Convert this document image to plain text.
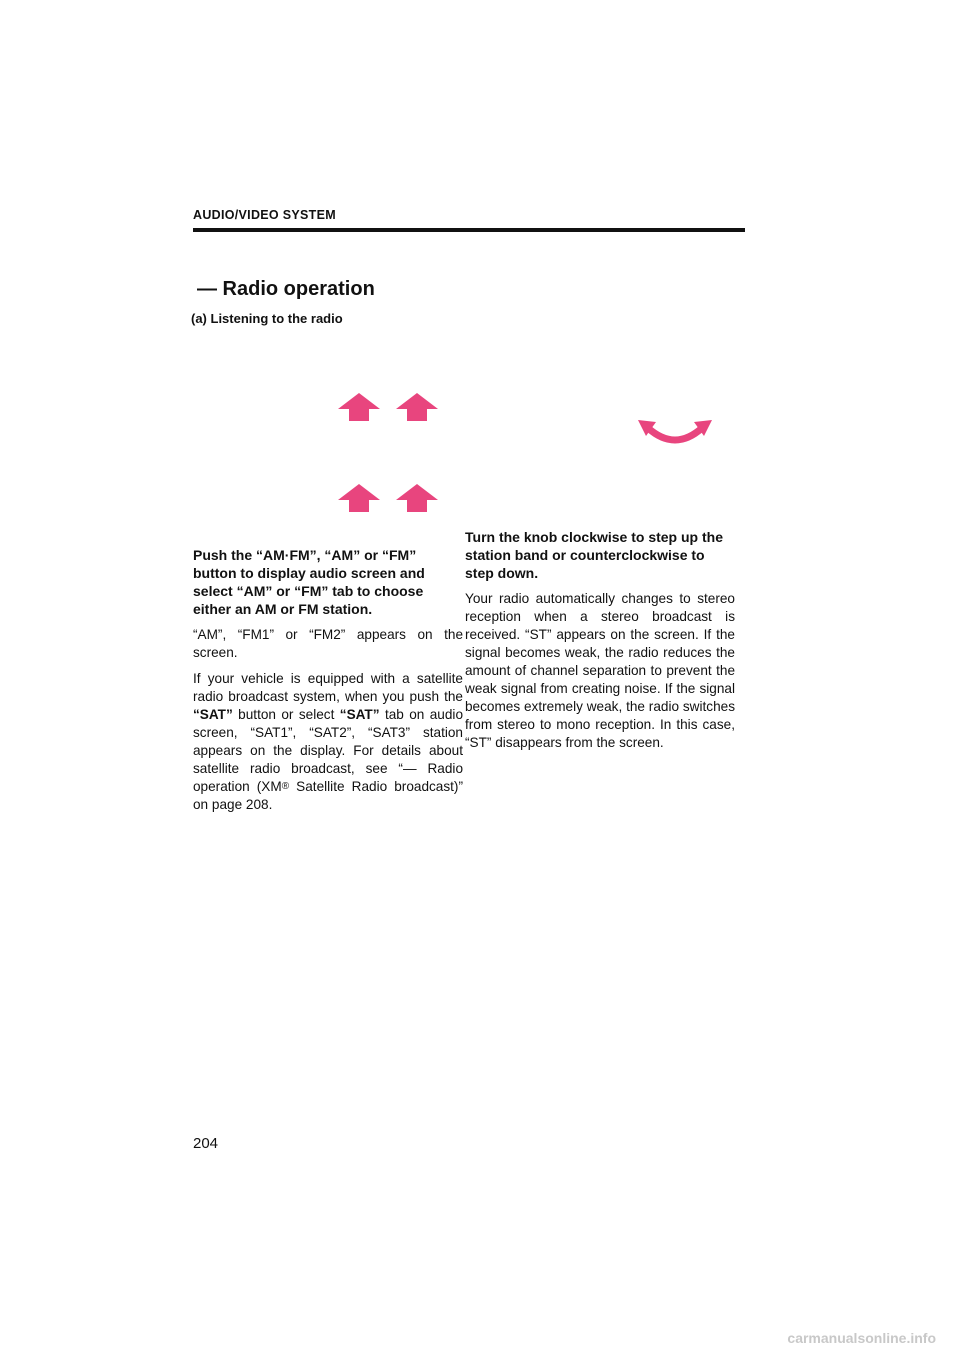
AUDIO/VIDEO SYSTEM
— Radio operation
(a) Listening to the radio

Push the “AM·FM”, “AM” or “FM” button to display audio screen and select “AM” or “FM” tab to choose either an AM or FM station.

“AM”, “FM1” or “FM2” appears on the screen.

If your vehicle is equipped with a satellite radio broadcast system, when you push the “SAT” button or select “SAT” tab on audio screen, “SAT1”, “SAT2”, “SAT3” station appears on the display. For details about satellite radio broadcast, see “— Radio operation (XM® Satellite Radio broadcast)” on page 208.

Turn the knob clockwise to step up the station band or counterclockwise to step down.

Your radio automatically changes to stereo reception when a stereo broadcast is received. “ST” appears on the screen. If the signal becomes weak, the radio reduces the amount of channel separation to prevent the weak signal from creating noise. If the signal becomes extremely weak, the radio switches from stereo to mono reception. In this case, “ST” disappears from the screen.

204
carmanualsonline.info
